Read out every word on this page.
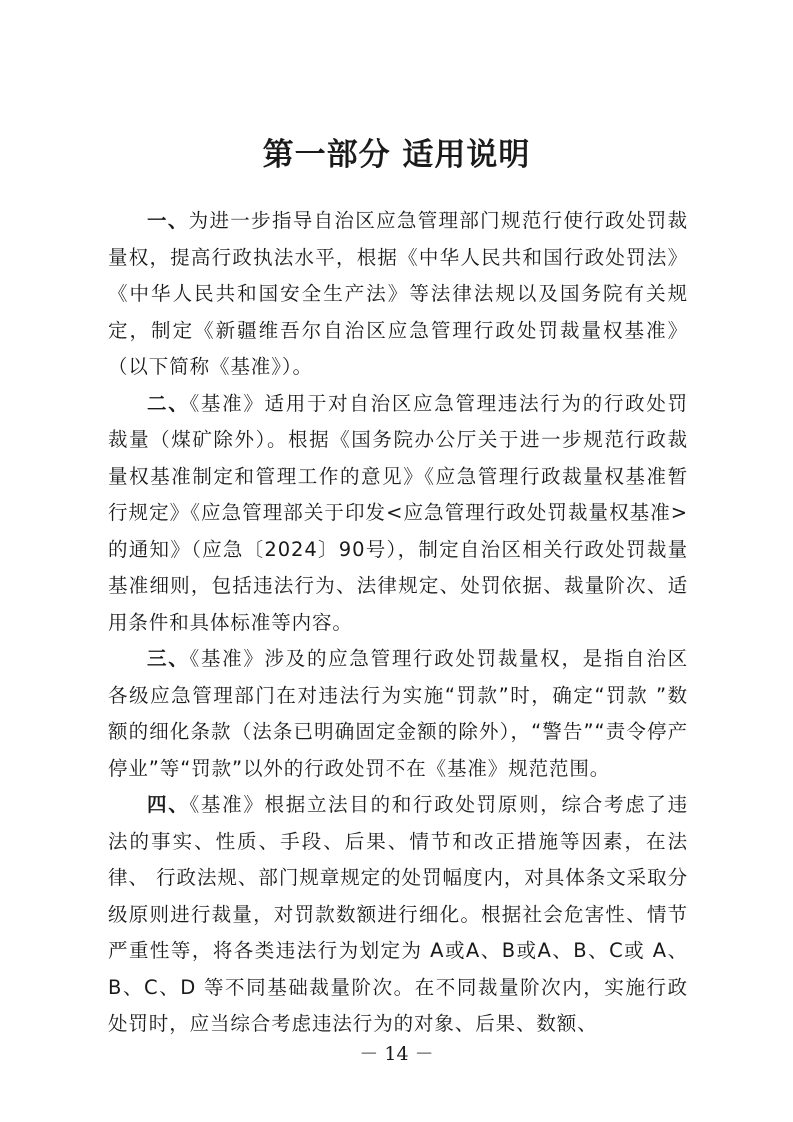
第一部分 适用说明

一、为进一步指导自治区应急管理部门规范行使行政处罚裁量权，提高行政执法水平，根据《中华人民共和国行政处罚法》《中华人民共和国安全生产法》等法律法规以及国务院有关规定，制定《新疆维吾尔自治区应急管理行政处罚裁量权基准》（以下简称《基准》）。

二、《基准》适用于对自治区应急管理违法行为的行政处罚裁量（煤矿除外）。根据《国务院办公厅关于进一步规范行政裁量权基准制定和管理工作的意见》《应急管理行政裁量权基准暂行规定》《应急管理部关于印发<应急管理行政处罚裁量权基准>的通知》（应急〔2024〕90号），制定自治区相关行政处罚裁量基准细则，包括违法行为、法律规定、处罚依据、裁量阶次、适用条件和具体标准等内容。

三、《基准》涉及的应急管理行政处罚裁量权，是指自治区各级应急管理部门在对违法行为实施“罚款”时，确定“罚款 ”数额的细化条款（法条已明确固定金额的除外），“警告”“责令停产停业”等“罚款”以外的行政处罚不在《基准》规范范围。

四、《基准》根据立法目的和行政处罚原则，综合考虑了违法的事实、性质、手段、后果、情节和改正措施等因素，在法律、 行政法规、部门规章规定的处罚幅度内，对具体条文采取分级原则进行裁量，对罚款数额进行细化。根据社会危害性、情节严重性等，将各类违法行为划定为 A或A、B或A、B、C或 A、B、C、D 等不同基础裁量阶次。在不同裁量阶次内，实施行政处罚时，应当综合考虑违法行为的对象、后果、数额、

－ 14 －
